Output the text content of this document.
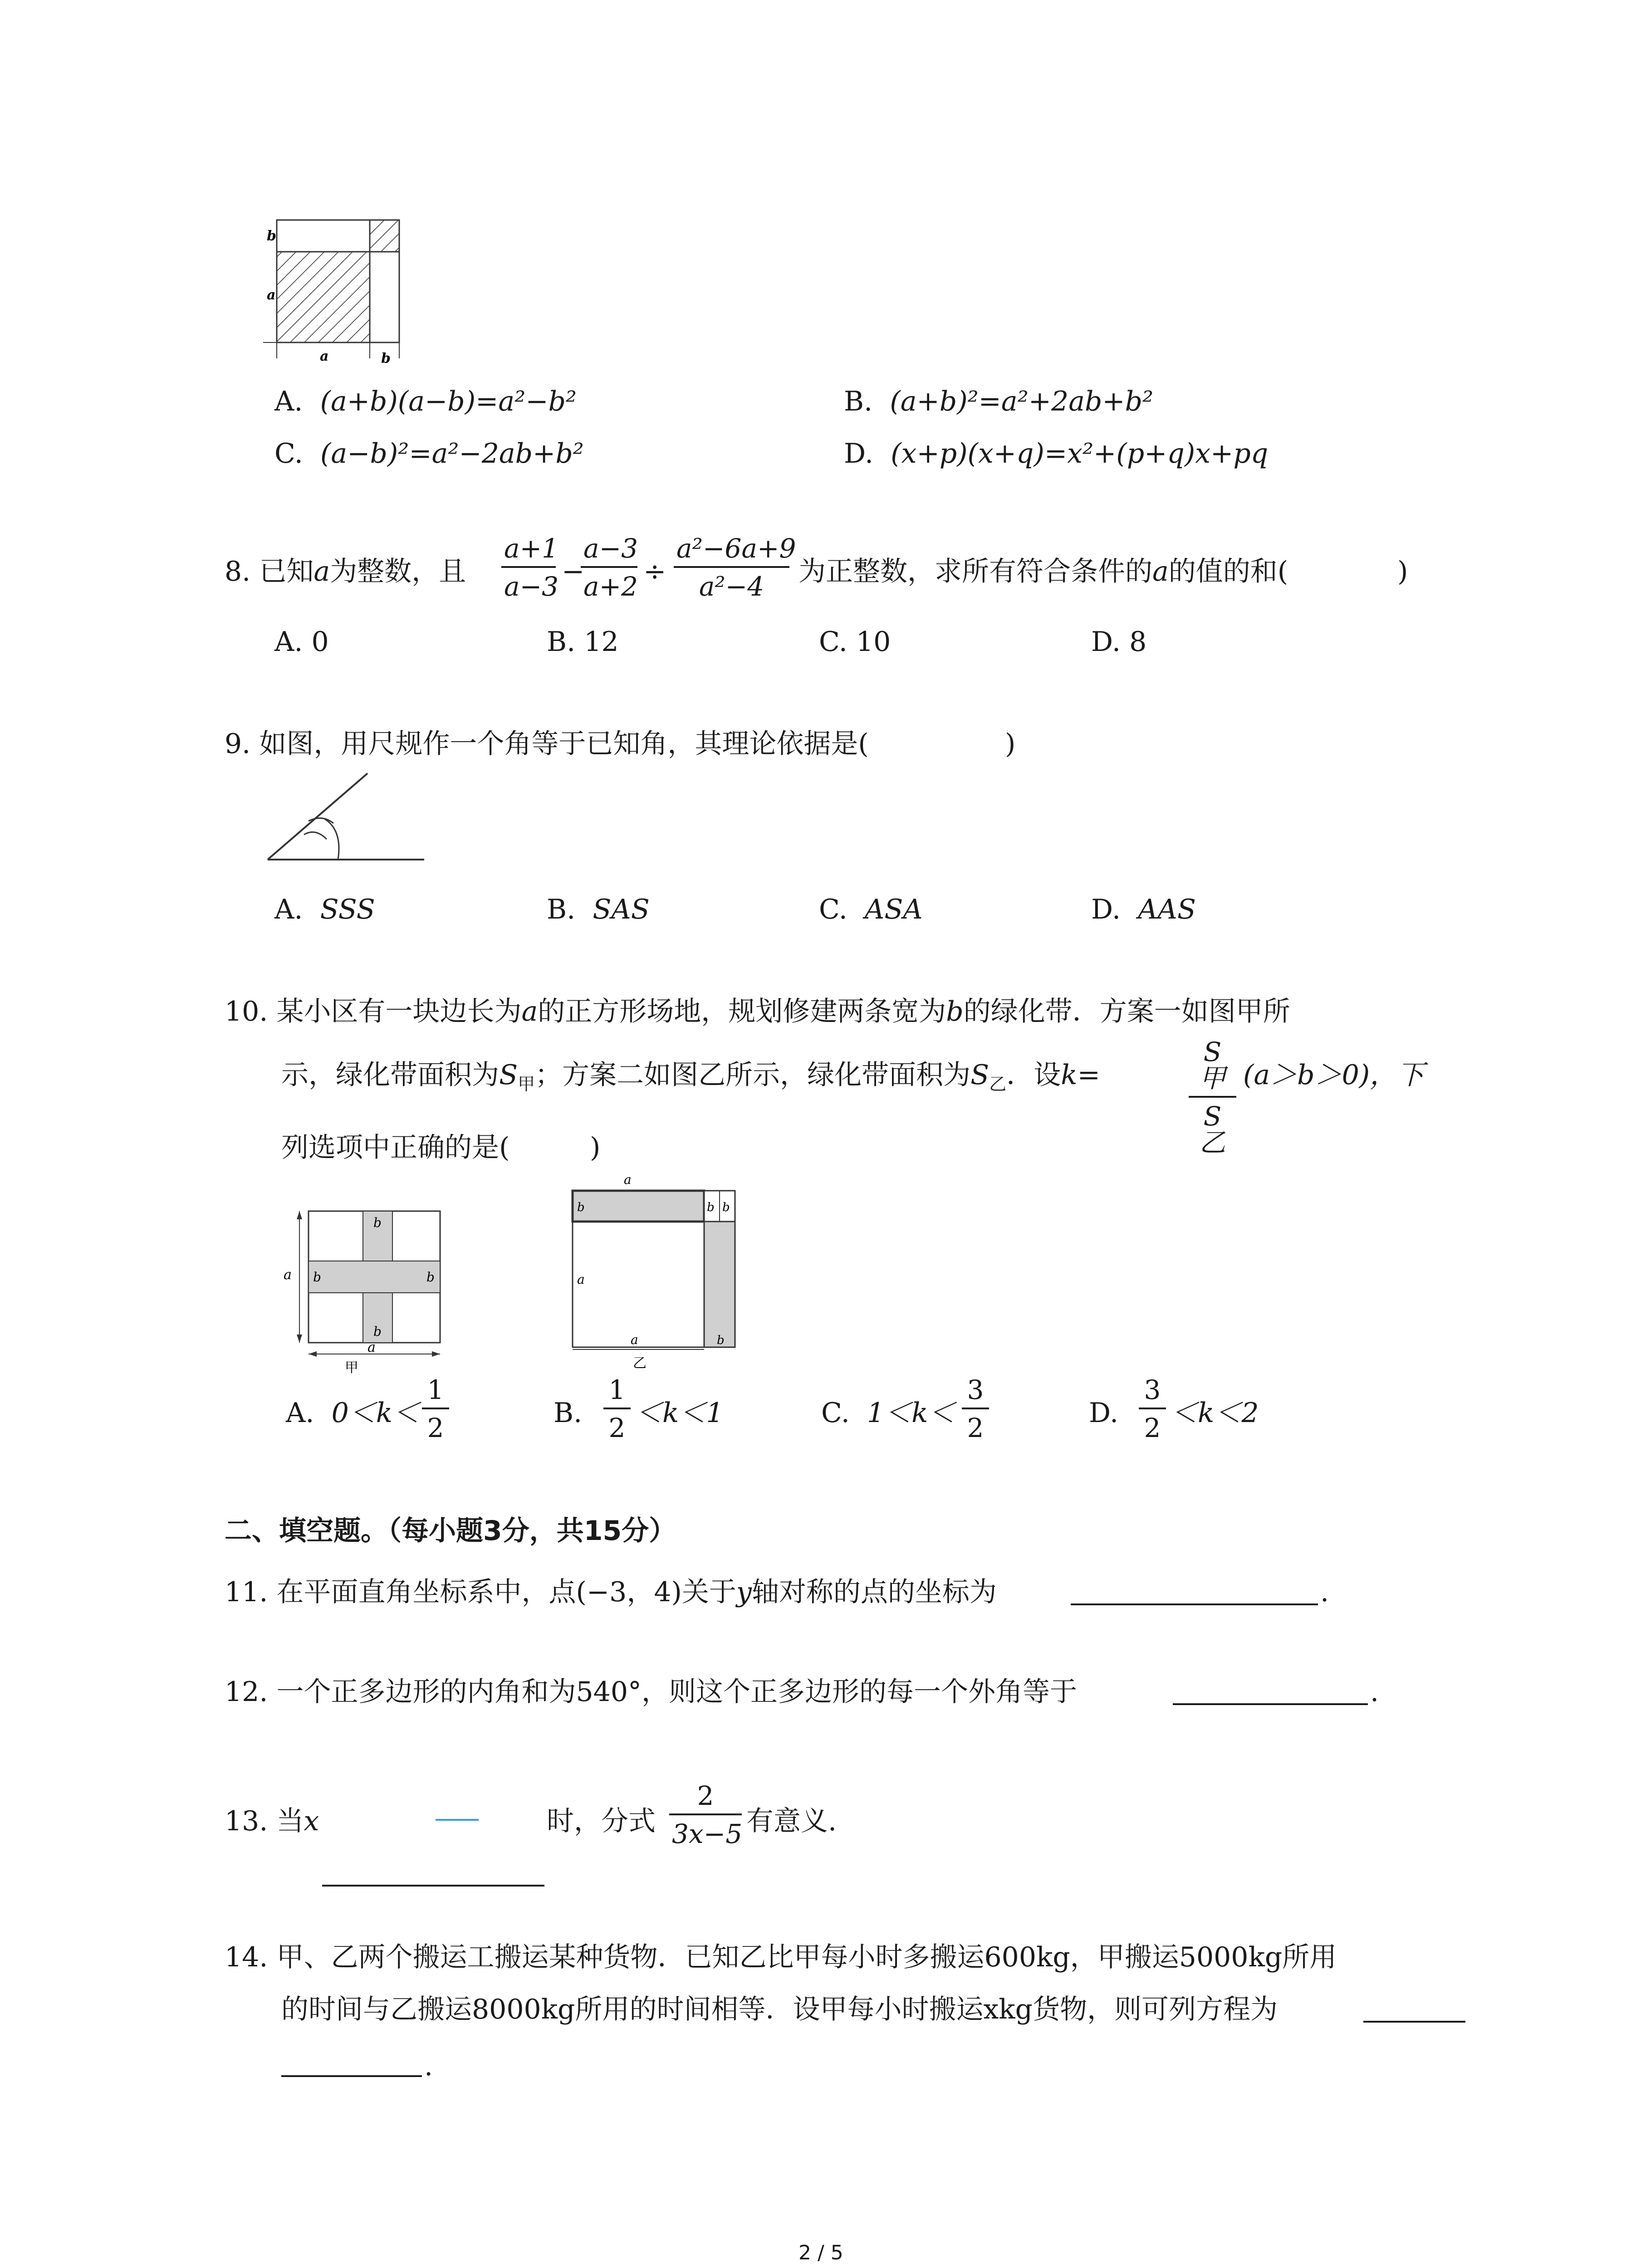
b
a
a	b
A. (a+b)(a−b)=a²−b²	B. (a+b)²=a²+2ab+b²
C. (a−b)²=a²−2ab+b²	D. (x+p)(x+q)=x²+(p+q)x+pq
8. 已知a为整数，且
a+1
a−3 −
a−3
a+2 ÷
a²−6a+9
a²−4	为正整数，求所有符合条件的a的值的和(	)
A. 0	B. 12	C. 10	D. 8
9. 如图，用尺规作一个角等于已知角，其理论依据是(	)
A. SSS	B. SAS	C. ASA	D. AAS
10. 某小区有一块边长为a的正方形场地，规划修建两条宽为b的绿化带．方案一如图甲所
示，绿化带面积为$S_甲$；方案二如图乙所示，绿化带面积为$S_乙$．设k=
S甲
S乙
(a＞b＞0)，下
列选项中正确的是(	)
b
b	b
b
a
a
甲
a
b	b b
a
a	b
乙
A. 0＜k＜
1
2	B.
1
2 ＜k＜1	C. 1＜k＜
3
2	D.
3
2 ＜k＜2
二、填空题。（每小题3分，共15分）
11. 在平面直角坐标系中，点(−3，4)关于y轴对称的点的坐标为	.
12. 一个正多边形的内角和为540°，则这个正多边形的每一个外角等于	.
13. 当x	时，分式
2
3x−5 有意义.
14. 甲、乙两个搬运工搬运某种货物．已知乙比甲每小时多搬运600kg，甲搬运5000kg所用
的时间与乙搬运8000kg所用的时间相等．设甲每小时搬运xkg货物，则可列方程为
.
2 / 5
